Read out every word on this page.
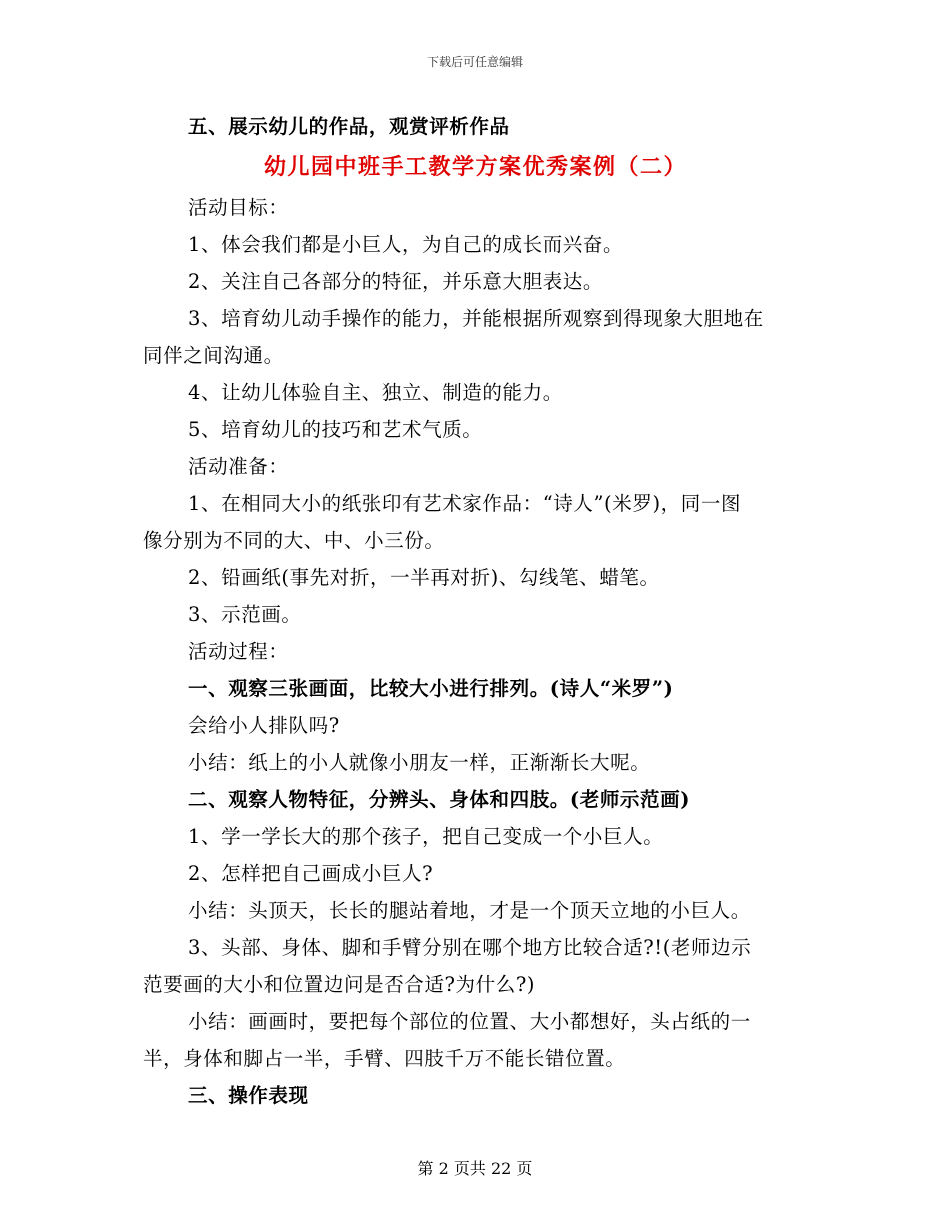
下载后可任意编辑
五、展示幼儿的作品，观赏评析作品
幼儿园中班手工教学方案优秀案例（二）
活动目标：
1、体会我们都是小巨人，为自己的成长而兴奋。
2、关注自己各部分的特征，并乐意大胆表达。
3、培育幼儿动手操作的能力，并能根据所观察到得现象大胆地在
同伴之间沟通。
4、让幼儿体验自主、独立、制造的能力。
5、培育幼儿的技巧和艺术气质。
活动准备：
1、在相同大小的纸张印有艺术家作品：“诗人”(米罗)，同一图
像分别为不同的大、中、小三份。
2、铅画纸(事先对折，一半再对折)、勾线笔、蜡笔。
3、示范画。
活动过程：
一、观察三张画面，比较大小进行排列。(诗人“米罗”)
会给小人排队吗?
小结：纸上的小人就像小朋友一样，正渐渐长大呢。
二、观察人物特征，分辨头、身体和四肢。(老师示范画)
1、学一学长大的那个孩子，把自己变成一个小巨人。
2、怎样把自己画成小巨人?
小结：头顶天，长长的腿站着地，才是一个顶天立地的小巨人。
3、头部、身体、脚和手臂分别在哪个地方比较合适?!(老师边示
范要画的大小和位置边问是否合适?为什么?)
小结：画画时，要把每个部位的位置、大小都想好，头占纸的一
半，身体和脚占一半，手臂、四肢千万不能长错位置。
三、操作表现
第 2 页共 22 页
